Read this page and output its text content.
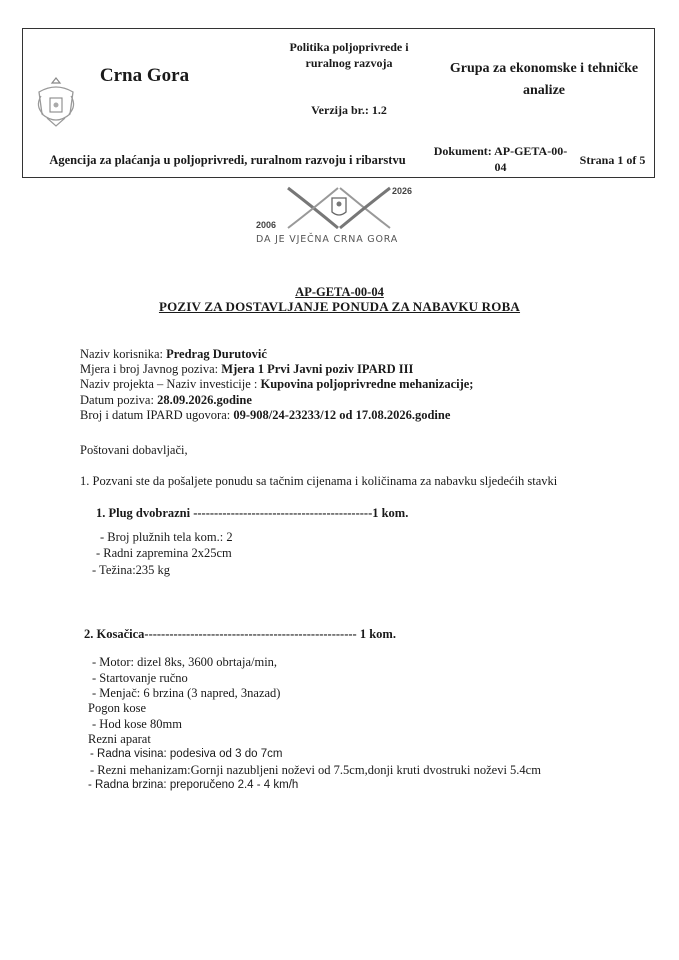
Crna Gora
Politika poljoprivrede i ruralnog razvoja
Verzija br.: 1.2
Grupa za ekonomske i tehničke analize
Agencija za plaćanja u poljoprivredi, ruralnom razvoju i ribarstvu
Dokument: AP-GETA-00-04
Strana 1 of 5
2006
2026
DA JE VJEČNA CRNA GORA
AP-GETA-00-04
POZIV ZA DOSTAVLJANJE PONUDA ZA NABAVKU ROBA
Naziv korisnika: Predrag Durutović
Mjera i broj Javnog poziva: Mjera 1 Prvi Javni poziv IPARD III
Naziv projekta – Naziv investicije : Kupovina poljoprivredne mehanizacije;
Datum poziva: 28.09.2026.godine
Broj i datum IPARD ugovora: 09-908/24-23233/12 od 17.08.2026.godine
Poštovani dobavljači,
1. Pozvani ste da pošaljete ponudu sa tačnim cijenama i količinama za nabavku sljedećih stavki
1. Plug dvobrazni -------------------------------------------1 kom.
- Broj plužnih tela kom.: 2
- Radni zapremina 2x25cm
- Težina:235 kg
2. Kosačica--------------------------------------------------- 1 kom.
- Motor: dizel 8ks, 3600 obrtaja/min,
- Startovanje ručno
- Menjač: 6 brzina (3 napred, 3nazad)
Pogon kose
- Hod kose 80mm
Rezni aparat
- Radna visina: podesiva od 3 do 7cm
- Rezni mehanizam:Gornji nazubljeni noževi od 7.5cm,donji kruti dvostruki noževi 5.4cm
- Radna brzina: preporučeno 2.4 - 4 km/h
